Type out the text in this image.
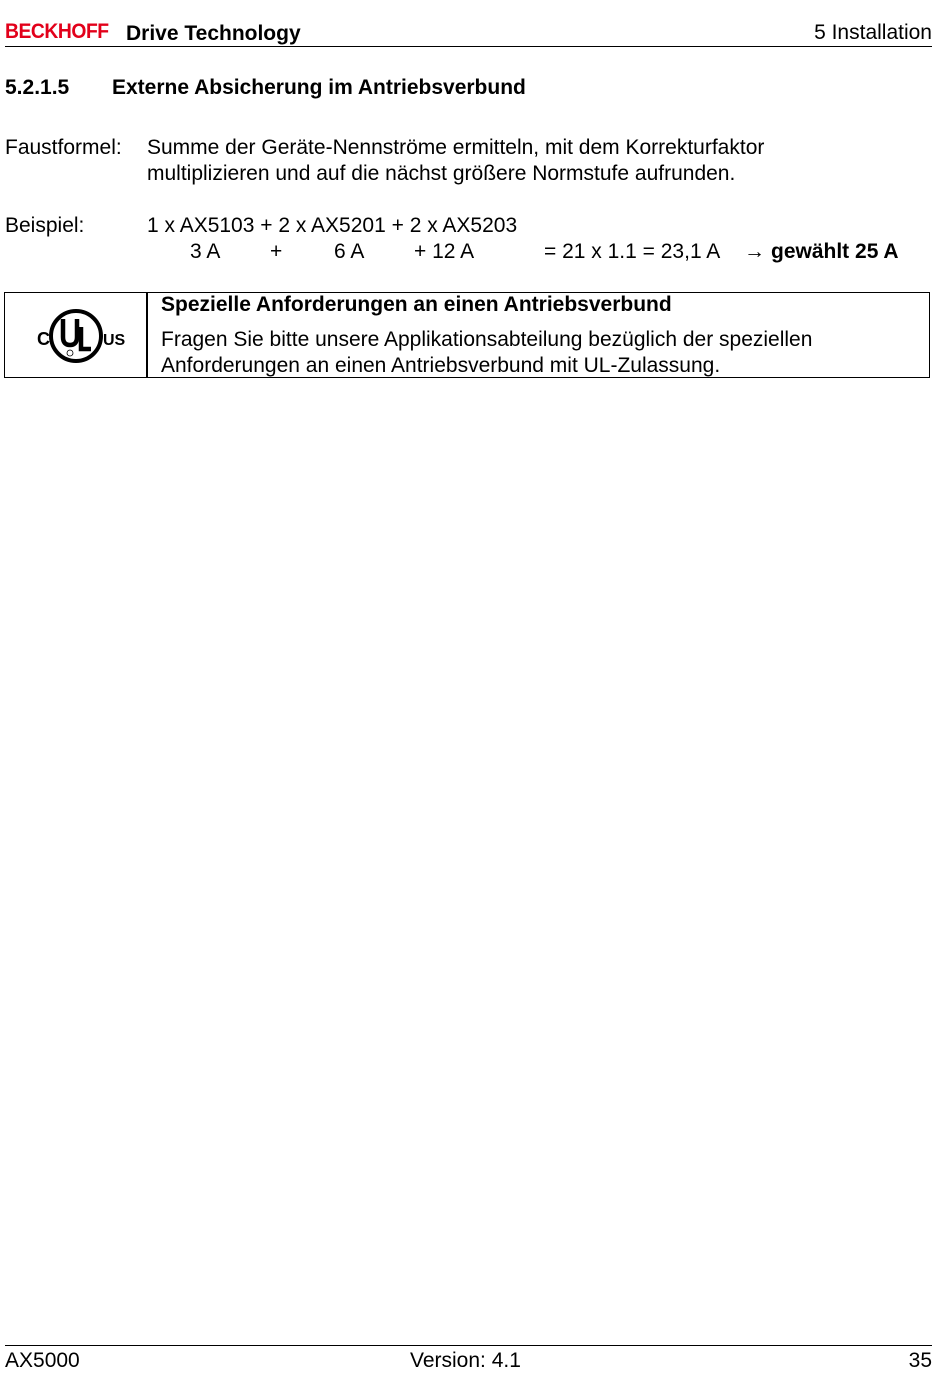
BECKHOFF Drive Technology	5 Installation
5.2.1.5 Externe Absicherung im Antriebsverbund
Faustformel: Summe der Geräte-Nennströme ermitteln, mit dem Korrekturfaktor
multiplizieren und auf die nächst größere Normstufe aufrunden.
Beispiel:	1 x AX5103 + 2 x AX5201 + 2 x AX5203
3 A + 6 A + 12 A	= 21 x 1.1 = 23,1 A → gewählt 25 A
C	US
Spezielle Anforderungen an einen Antriebsverbund
Fragen Sie bitte unsere Applikationsabteilung bezüglich der speziellen
Anforderungen an einen Antriebsverbund mit UL-Zulassung.
AX5000	Version: 4.1	35
